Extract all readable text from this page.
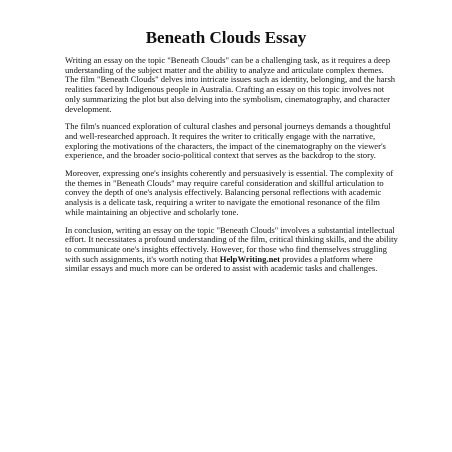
Beneath Clouds Essay

Writing an essay on the topic "Beneath Clouds" can be a challenging task, as it requires a deep
understanding of the subject matter and the ability to analyze and articulate complex themes.
The film "Beneath Clouds" delves into intricate issues such as identity, belonging, and the harsh
realities faced by Indigenous people in Australia. Crafting an essay on this topic involves not
only summarizing the plot but also delving into the symbolism, cinematography, and character
development.

The film's nuanced exploration of cultural clashes and personal journeys demands a thoughtful
and well-researched approach. It requires the writer to critically engage with the narrative,
exploring the motivations of the characters, the impact of the cinematography on the viewer's
experience, and the broader socio-political context that serves as the backdrop to the story.

Moreover, expressing one's insights coherently and persuasively is essential. The complexity of
the themes in "Beneath Clouds" may require careful consideration and skillful articulation to
convey the depth of one's analysis effectively. Balancing personal reflections with academic
analysis is a delicate task, requiring a writer to navigate the emotional resonance of the film
while maintaining an objective and scholarly tone.

In conclusion, writing an essay on the topic "Beneath Clouds" involves a substantial intellectual
effort. It necessitates a profound understanding of the film, critical thinking skills, and the ability
to communicate one's insights effectively. However, for those who find themselves struggling
with such assignments, it's worth noting that HelpWriting.net provides a platform where
similar essays and much more can be ordered to assist with academic tasks and challenges.
